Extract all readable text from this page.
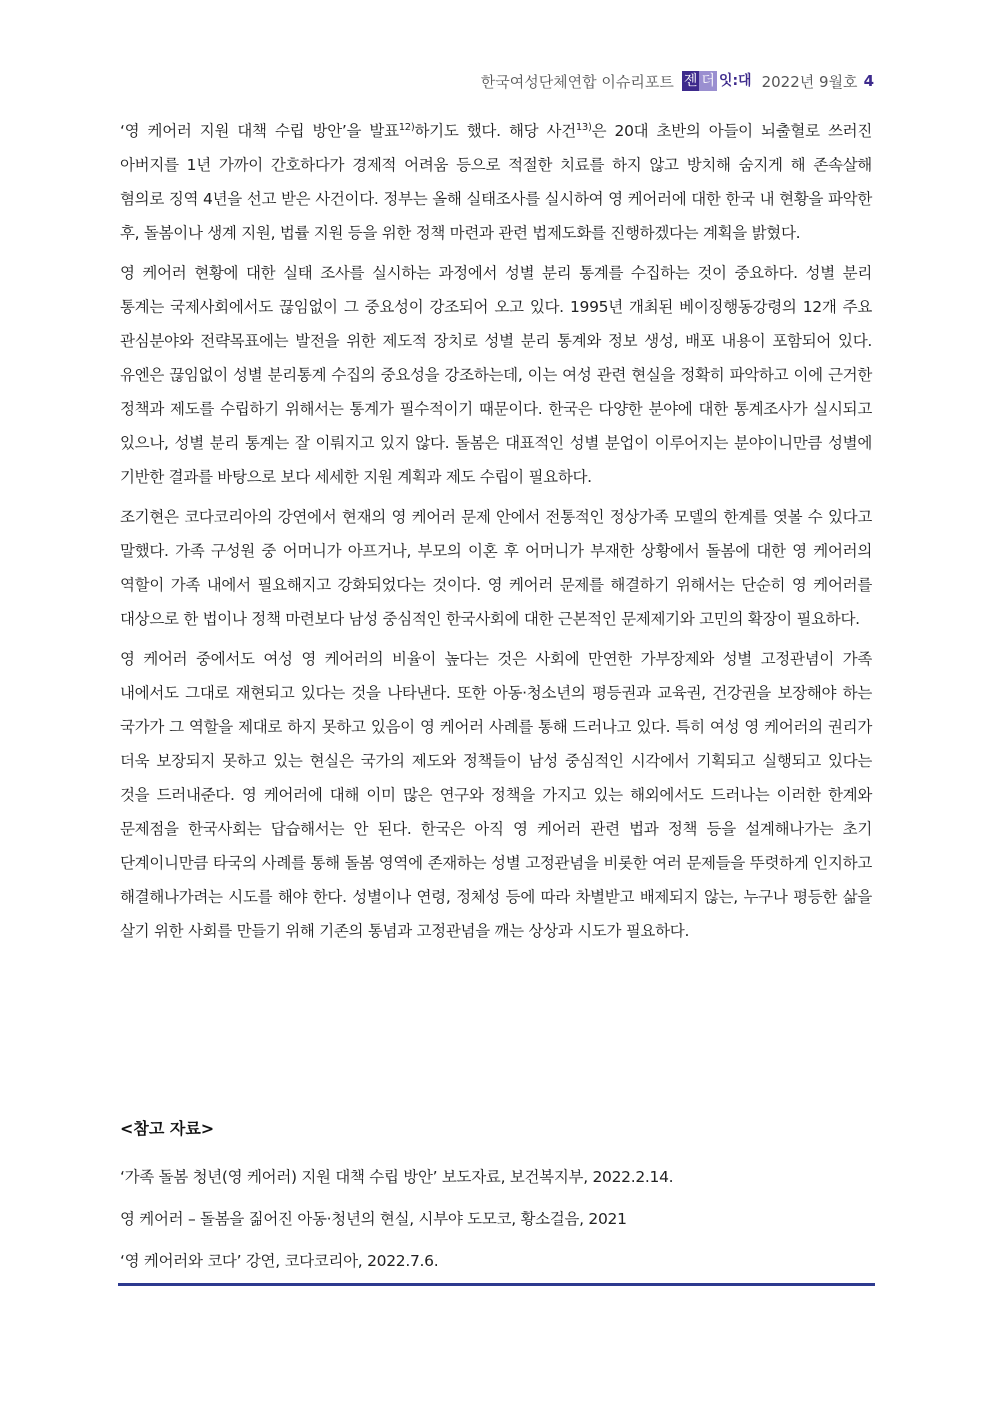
한국여성단체연합 이슈리포트 젠 더 잇:대 2022년 9월호 4

‘영 케어러 지원 대책 수립 방안’을 발표$^{12)}$하기도 했다. 해당 사건$^{13)}$은 20대 초반의 아들이 뇌출혈로 쓰러진 아버지를 1년 가까이 간호하다가 경제적 어려움 등으로 적절한 치료를 하지 않고 방치해 숨지게 해 존속살해 혐의로 징역 4년을 선고 받은 사건이다. 정부는 올해 실태조사를 실시하여 영 케어러에 대한 한국 내 현황을 파악한 후, 돌봄이나 생계 지원, 법률 지원 등을 위한 정책 마련과 관련 법제도화를 진행하겠다는 계획을 밝혔다.

영 케어러 현황에 대한 실태 조사를 실시하는 과정에서 성별 분리 통계를 수집하는 것이 중요하다. 성별 분리 통계는 국제사회에서도 끊임없이 그 중요성이 강조되어 오고 있다. 1995년 개최된 베이징행동강령의 12개 주요 관심분야와 전략목표에는 발전을 위한 제도적 장치로 성별 분리 통계와 정보 생성, 배포 내용이 포함되어 있다. 유엔은 끊임없이 성별 분리통계 수집의 중요성을 강조하는데, 이는 여성 관련 현실을 정확히 파악하고 이에 근거한 정책과 제도를 수립하기 위해서는 통계가 필수적이기 때문이다. 한국은 다양한 분야에 대한 통계조사가 실시되고 있으나, 성별 분리 통계는 잘 이뤄지고 있지 않다. 돌봄은 대표적인 성별 분업이 이루어지는 분야이니만큼 성별에 기반한 결과를 바탕으로 보다 세세한 지원 계획과 제도 수립이 필요하다.

조기현은 코다코리아의 강연에서 현재의 영 케어러 문제 안에서 전통적인 정상가족 모델의 한계를 엿볼 수 있다고 말했다. 가족 구성원 중 어머니가 아프거나, 부모의 이혼 후 어머니가 부재한 상황에서 돌봄에 대한 영 케어러의 역할이 가족 내에서 필요해지고 강화되었다는 것이다. 영 케어러 문제를 해결하기 위해서는 단순히 영 케어러를 대상으로 한 법이나 정책 마련보다 남성 중심적인 한국사회에 대한 근본적인 문제제기와 고민의 확장이 필요하다.

영 케어러 중에서도 여성 영 케어러의 비율이 높다는 것은 사회에 만연한 가부장제와 성별 고정관념이 가족 내에서도 그대로 재현되고 있다는 것을 나타낸다. 또한 아동·청소년의 평등권과 교육권, 건강권을 보장해야 하는 국가가 그 역할을 제대로 하지 못하고 있음이 영 케어러 사례를 통해 드러나고 있다. 특히 여성 영 케어러의 권리가 더욱 보장되지 못하고 있는 현실은 국가의 제도와 정책들이 남성 중심적인 시각에서 기획되고 실행되고 있다는 것을 드러내준다. 영 케어러에 대해 이미 많은 연구와 정책을 가지고 있는 해외에서도 드러나는 이러한 한계와 문제점을 한국사회는 답습해서는 안 된다. 한국은 아직 영 케어러 관련 법과 정책 등을 설계해나가는 초기 단계이니만큼 타국의 사례를 통해 돌봄 영역에 존재하는 성별 고정관념을 비롯한 여러 문제들을 뚜렷하게 인지하고 해결해나가려는 시도를 해야 한다. 성별이나 연령, 정체성 등에 따라 차별받고 배제되지 않는, 누구나 평등한 삶을 살기 위한 사회를 만들기 위해 기존의 통념과 고정관념을 깨는 상상과 시도가 필요하다.

<참고 자료>

‘가족 돌봄 청년(영 케어러) 지원 대책 수립 방안’ 보도자료, 보건복지부, 2022.2.14.

영 케어러 – 돌봄을 짊어진 아동·청년의 현실, 시부야 도모코, 황소걸음, 2021

‘영 케어러와 코다’ 강연, 코다코리아, 2022.7.6.
